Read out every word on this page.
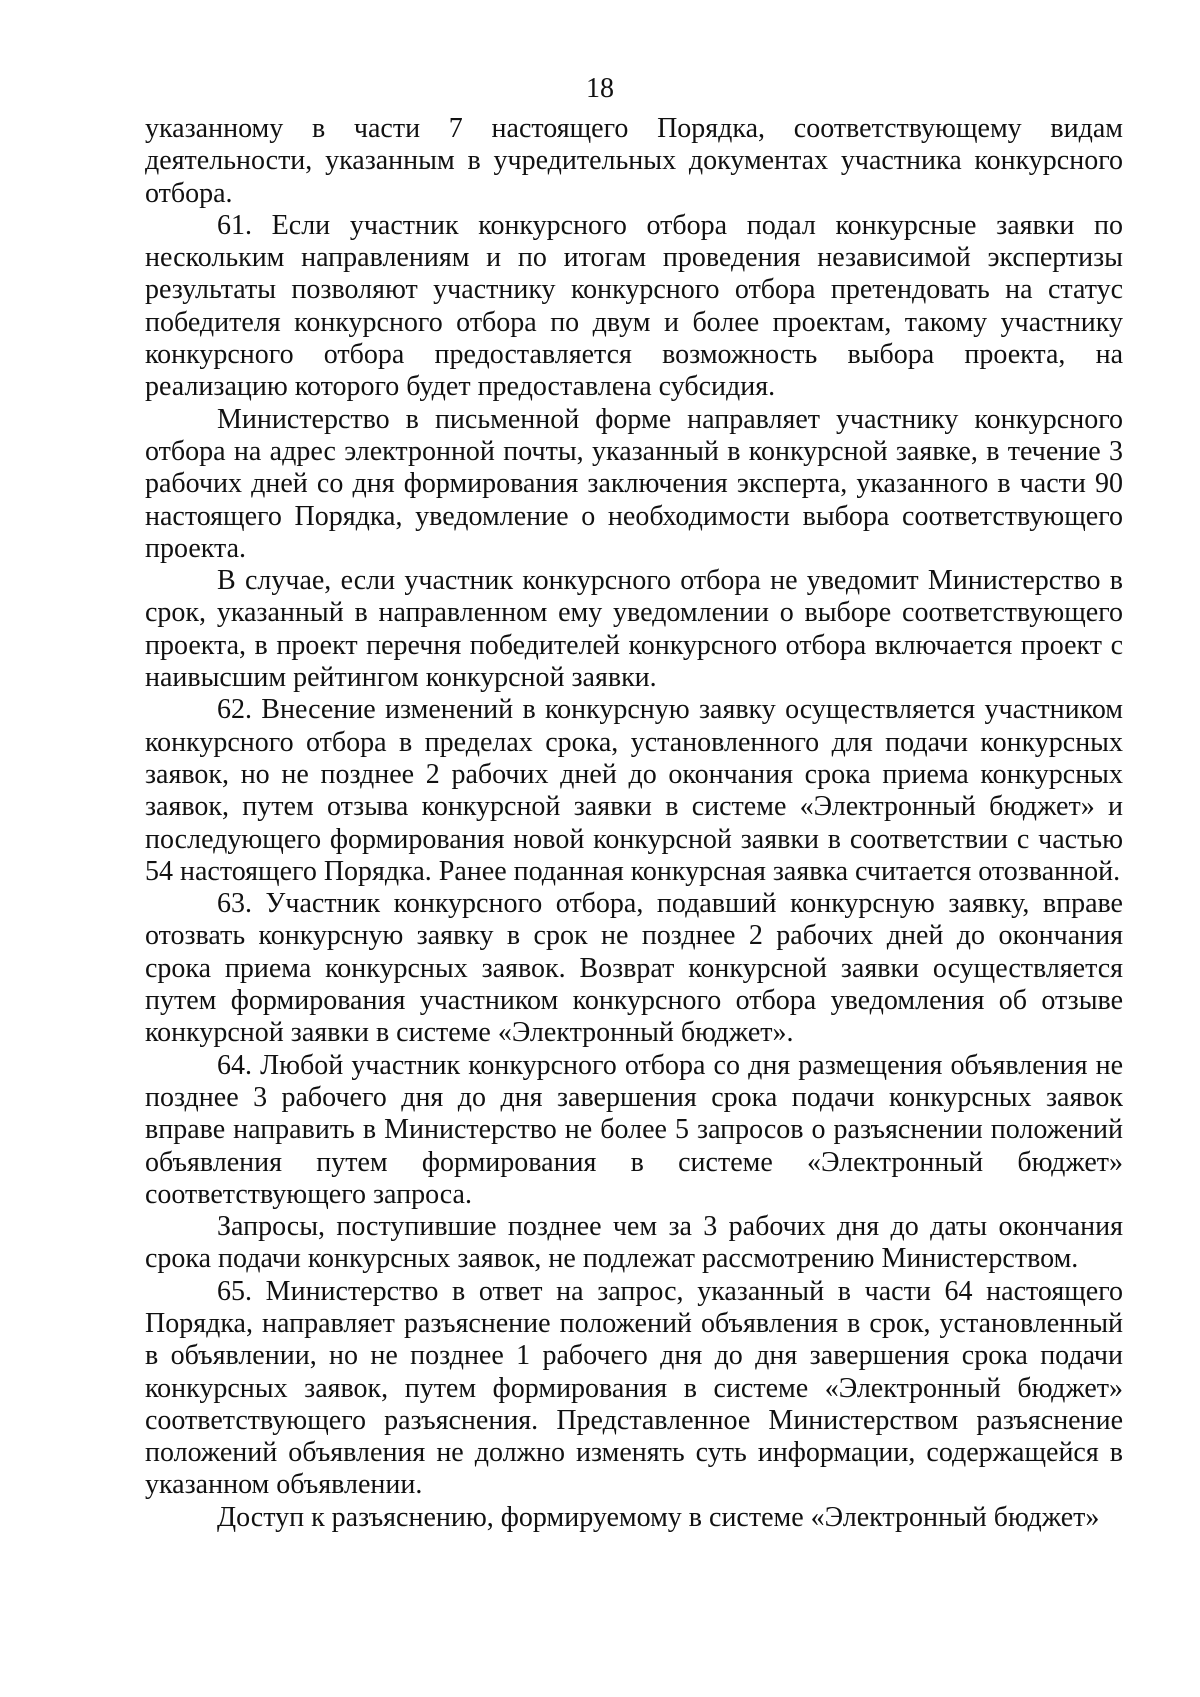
18

указанному в части 7 настоящего Порядка, соответствующему видам деятельности, указанным в учредительных документах участника конкурсного отбора.

61. Если участник конкурсного отбора подал конкурсные заявки по нескольким направлениям и по итогам проведения независимой экспертизы результаты позволяют участнику конкурсного отбора претендовать на статус победителя конкурсного отбора по двум и более проектам, такому участнику конкурсного отбора предоставляется возможность выбора проекта, на реализацию которого будет предоставлена субсидия.

Министерство в письменной форме направляет участнику конкурсного отбора на адрес электронной почты, указанный в конкурсной заявке, в течение 3 рабочих дней со дня формирования заключения эксперта, указанного в части 90 настоящего Порядка, уведомление о необходимости выбора соответствующего проекта.

В случае, если участник конкурсного отбора не уведомит Министерство в срок, указанный в направленном ему уведомлении о выборе соответствующего проекта, в проект перечня победителей конкурсного отбора включается проект с наивысшим рейтингом конкурсной заявки.

62. Внесение изменений в конкурсную заявку осуществляется участником конкурсного отбора в пределах срока, установленного для подачи конкурсных заявок, но не позднее 2 рабочих дней до окончания срока приема конкурсных заявок, путем отзыва конкурсной заявки в системе «Электронный бюджет» и последующего формирования новой конкурсной заявки в соответствии с частью 54 настоящего Порядка. Ранее поданная конкурсная заявка считается отозванной.

63. Участник конкурсного отбора, подавший конкурсную заявку, вправе отозвать конкурсную заявку в срок не позднее 2 рабочих дней до окончания срока приема конкурсных заявок. Возврат конкурсной заявки осуществляется путем формирования участником конкурсного отбора уведомления об отзыве конкурсной заявки в системе «Электронный бюджет».

64. Любой участник конкурсного отбора со дня размещения объявления не позднее 3 рабочего дня до дня завершения срока подачи конкурсных заявок вправе направить в Министерство не более 5 запросов о разъяснении положений объявления путем формирования в системе «Электронный бюджет» соответствующего запроса.

Запросы, поступившие позднее чем за 3 рабочих дня до даты окончания срока подачи конкурсных заявок, не подлежат рассмотрению Министерством.

65. Министерство в ответ на запрос, указанный в части 64 настоящего Порядка, направляет разъяснение положений объявления в срок, установленный в объявлении, но не позднее 1 рабочего дня до дня завершения срока подачи конкурсных заявок, путем формирования в системе «Электронный бюджет» соответствующего разъяснения. Представленное Министерством разъяснение положений объявления не должно изменять суть информации, содержащейся в указанном объявлении.

Доступ к разъяснению, формируемому в системе «Электронный бюджет»
